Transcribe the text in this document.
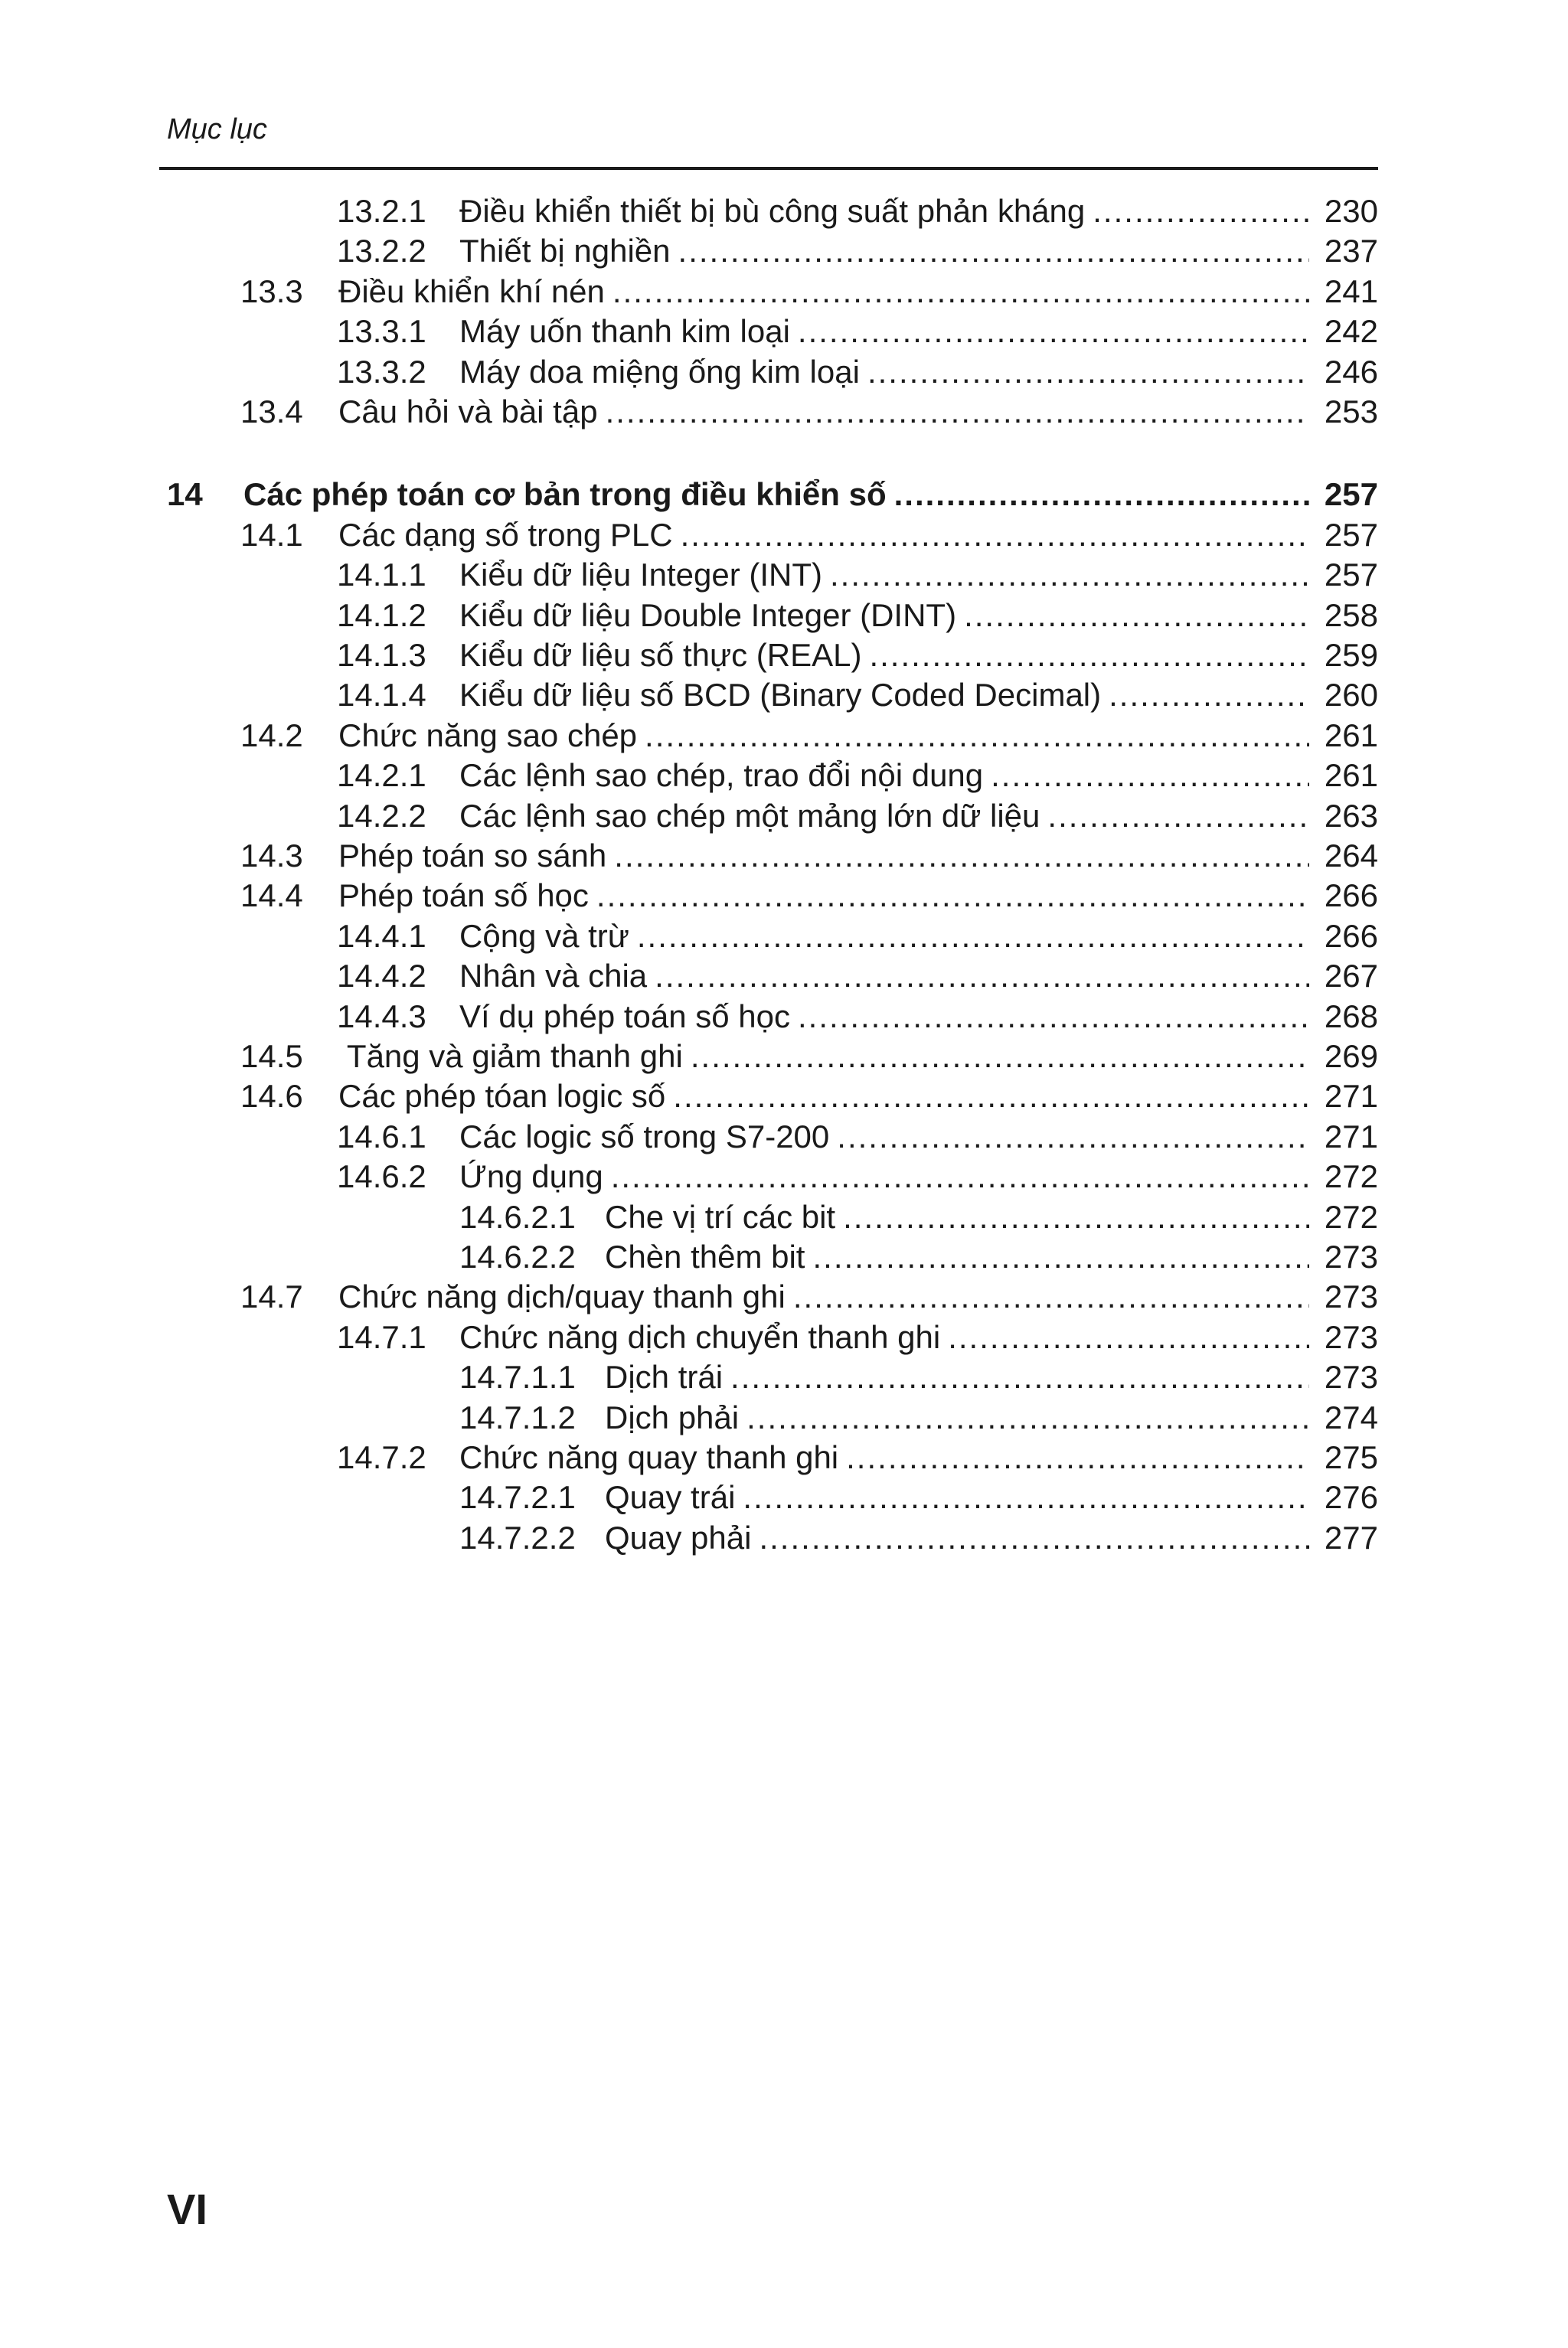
Mục lục
13.2.1	Điều khiển thiết bị bù công suất phản kháng .....	230
13.2.2	Thiết bị nghiền .....	237
13.3	Điều khiển khí nén .....	241
13.3.1	Máy uốn thanh kim loại .....	242
13.3.2	Máy doa miệng ống kim loại .....	246
13.4	Câu hỏi và bài tập .....	253
14	Các phép toán cơ bản trong điều khiển số .....	257
14.1	Các dạng số trong PLC .....	257
14.1.1	Kiểu dữ liệu Integer (INT) .....	257
14.1.2	Kiểu dữ liệu Double Integer (DINT) .....	258
14.1.3	Kiểu dữ liệu số thực (REAL) .....	259
14.1.4	Kiểu dữ liệu số BCD (Binary Coded Decimal) .....	260
14.2	Chức năng sao chép .....	261
14.2.1	Các lệnh sao chép, trao đổi nội dung .....	261
14.2.2	Các lệnh sao chép một mảng lớn dữ liệu .....	263
14.3	Phép toán so sánh .....	264
14.4	Phép toán số học .....	266
14.4.1	Cộng và trừ .....	266
14.4.2	Nhân và chia .....	267
14.4.3	Ví dụ phép toán số học .....	268
14.5	Tăng và giảm thanh ghi .....	269
14.6	Các phép tóan logic số .....	271
14.6.1	Các logic số trong S7-200 .....	271
14.6.2	Ứng dụng .....	272
14.6.2.1 Che vị trí các bit .....	272
14.6.2.2 Chèn thêm bit .....	273
14.7	Chức năng dịch/quay thanh ghi .....	273
14.7.1	Chức năng dịch chuyển thanh ghi .....	273
14.7.1.1 Dịch trái .....	273
14.7.1.2 Dịch phải .....	274
14.7.2	Chức năng quay thanh ghi .....	275
14.7.2.1 Quay trái .....	276
14.7.2.2 Quay phải .....	277
VI
